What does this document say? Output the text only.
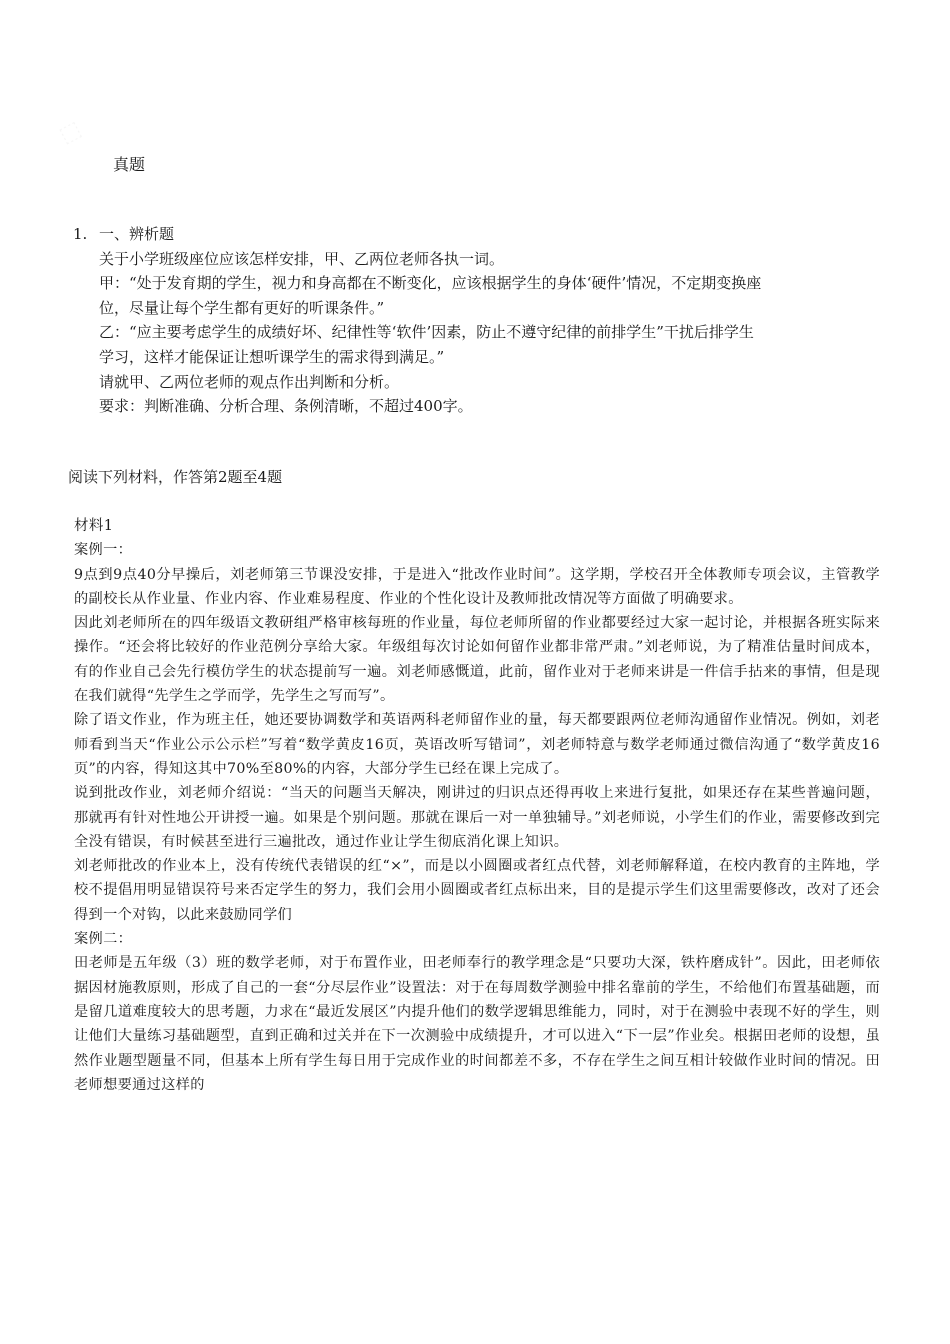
真题
1. 一、辨析题
关于小学班级座位应该怎样安排，甲、乙两位老师各执一词。
甲：“处于发育期的学生，视力和身高都在不断变化，应该根据学生的身体‘硬件’情况，不定期变换座
位，尽量让每个学生都有更好的听课条件。”
乙：“应主要考虑学生的成绩好坏、纪律性等‘软件’因素，防止不遵守纪律的前排学生”干扰后排学生
学习，这样才能保证让想听课学生的需求得到满足。”
请就甲、乙两位老师的观点作出判断和分析。
要求：判断准确、分析合理、条例清晰，不超过400字。
阅读下列材料，作答第2题至4题

材料1

案例一：

9点到9点40分早操后，刘老师第三节课没安排，于是进入“批改作业时间”。这学期，学校召开全体教师专项会议，主管教学的副校长从作业量、作业内容、作业难易程度、作业的个性化设计及教师批改情况等方面做了明确要求。

因此刘老师所在的四年级语文教研组严格审核每班的作业量，每位老师所留的作业都要经过大家一起讨论，并根据各班实际来操作。“还会将比较好的作业范例分享给大家。年级组每次讨论如何留作业都非常严肃。”刘老师说，为了精准估量时间成本，有的作业自己会先行模仿学生的状态提前写一遍。刘老师感慨道，此前，留作业对于老师来讲是一件信手拈来的事情，但是现在我们就得“先学生之学而学，先学生之写而写”。

除了语文作业，作为班主任，她还要协调数学和英语两科老师留作业的量，每天都要跟两位老师沟通留作业情况。例如，刘老师看到当天“作业公示公示栏”写着“数学黄皮16页，英语改听写错词”，刘老师特意与数学老师通过微信沟通了“数学黄皮16页”的内容，得知这其中70%至80%的内容，大部分学生已经在课上完成了。

说到批改作业，刘老师介绍说：“当天的问题当天解决，刚讲过的归识点还得再收上来进行复批，如果还存在某些普遍问题，那就再有针对性地公开讲授一遍。如果是个别问题。那就在课后一对一单独辅导。”刘老师说，小学生们的作业，需要修改到完全没有错误，有时候甚至进行三遍批改，通过作业让学生彻底消化课上知识。

刘老师批改的作业本上，没有传统代表错误的红“×”，而是以小圆圈或者红点代替，刘老师解释道，在校内教育的主阵地，学校不提倡用明显错误符号来否定学生的努力，我们会用小圆圈或者红点标出来，目的是提示学生们这里需要修改，改对了还会得到一个对钩，以此来鼓励同学们

案例二：

田老师是五年级（3）班的数学老师，对于布置作业，田老师奉行的教学理念是“只要功大深，铁杵磨成针”。因此，田老师依据因材施教原则，形成了自己的一套“分尽层作业”设置法：对于在每周数学测验中排名靠前的学生，不给他们布置基础题，而是留几道难度较大的思考题，力求在“最近发展区”内提升他们的数学逻辑思维能力，同时，对于在测验中表现不好的学生，则让他们大量练习基础题型，直到正确和过关并在下一次测验中成绩提升，才可以进入“下一层”作业矣。根据田老师的设想，虽然作业题型题量不同，但基本上所有学生每日用于完成作业的时间都差不多，不存在学生之间互相计较做作业时间的情况。田老师想要通过这样的
